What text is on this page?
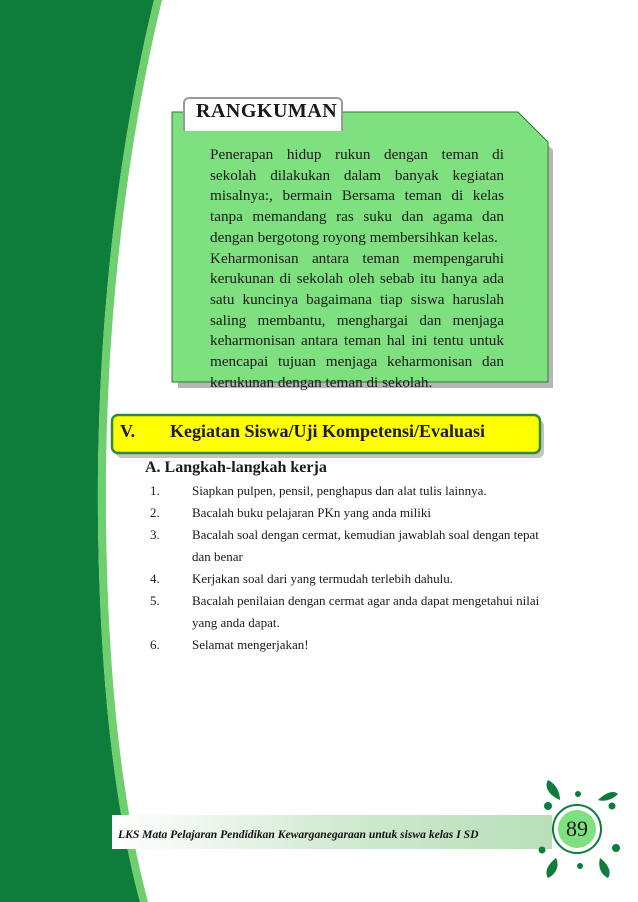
RANGKUMAN

Penerapan hidup rukun dengan teman di sekolah dilakukan dalam banyak kegiatan misalnya:, bermain Bersama teman di kelas tanpa memandang ras suku dan agama dan dengan bergotong royong membersihkan kelas.

Keharmonisan antara teman mempengaruhi kerukunan di sekolah oleh sebab itu hanya ada satu kuncinya bagaimana tiap siswa haruslah saling membantu, menghargai dan menjaga keharmonisan antara teman hal ini tentu untuk mencapai tujuan menjaga keharmonisan dan kerukunan dengan teman di sekolah.

V. Kegiatan Siswa/Uji Kompetensi/Evaluasi
A. Langkah-langkah kerja
1.	Siapkan pulpen, pensil, penghapus dan alat tulis lainnya.
2.	Bacalah buku pelajaran PKn yang anda miliki
3.	Bacalah soal dengan cermat, kemudian jawablah soal dengan tepat dan benar
4.	Kerjakan soal dari yang termudah terlebih dahulu.
5.	Bacalah penilaian dengan cermat agar anda dapat mengetahui nilai yang anda dapat.
6.	Selamat mengerjakan!
LKS Mata Pelajaran Pendidikan Kewarganegaraan untuk siswa kelas I SD	89
